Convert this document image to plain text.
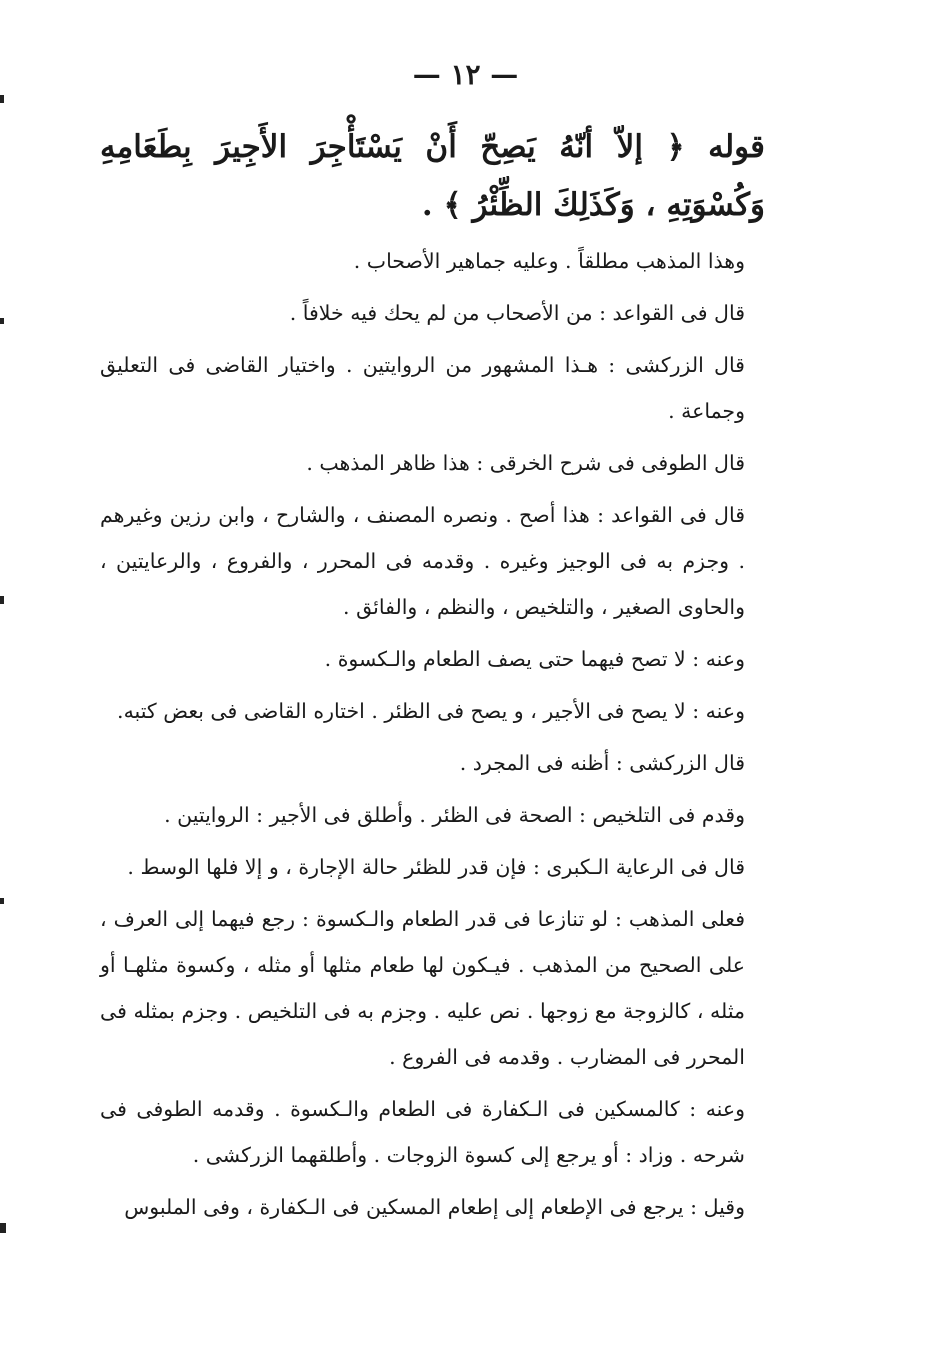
— ١٢ —

قوله ﴿ إلاّ أنّهُ يَصِحّ أَنْ يَسْتَأْجِرَ الأَجِيرَ بِطَعَامِهِ وَكُسْوَتِهِ ، وَكَذَلِكَ الظِّئْرُ ﴾ .

وهذا المذهب مطلقاً . وعليه جماهير الأصحاب .

قال فى القواعد : من الأصحاب من لم يحك فيه خلافاً .

قال الزركشى : هـذا المشهور من الروايتين . واختيار القاضى فى التعليق وجماعة .

قال الطوفى فى شرح الخرقى : هذا ظاهر المذهب .

قال فى القواعد : هذا أصح . ونصره المصنف ، والشارح ، وابن رزين وغيرهم . وجزم به فى الوجيز وغيره . وقدمه فى المحرر ، والفروع ، والرعايتين ، والحاوى الصغير ، والتلخيص ، والنظم ، والفائق .

وعنه : لا تصح فيهما حتى يصف الطعام والـكسوة .

وعنه : لا يصح فى الأجير ، و يصح فى الظئر . اختاره القاضى فى بعض كتبه.

قال الزركشى : أظنه فى المجرد .

وقدم فى التلخيص : الصحة فى الظئر . وأطلق فى الأجير : الروايتين .

قال فى الرعاية الـكبرى : فإن قدر للظئر حالة الإجارة ، و إلا فلها الوسط .

فعلى المذهب : لو تنازعا فى قدر الطعام والـكسوة : رجع فيهما إلى العرف ، على الصحيح من المذهب . فيـكون لها طعام مثلها أو مثله ، وكسوة مثلهـا أو مثله ، كالزوجة مع زوجها . نص عليه . وجزم به فى التلخيص . وجزم بمثله فى المحرر فى المضارب . وقدمه فى الفروع .

وعنه : كالمسكين فى الـكفارة فى الطعام والـكسوة . وقدمه الطوفى فى شرحه . وزاد : أو يرجع إلى كسوة الزوجات . وأطلقهما الزركشى .

وقيل : يرجع فى الإطعام إلى إطعام المسكين فى الـكفارة ، وفى الملبوس
